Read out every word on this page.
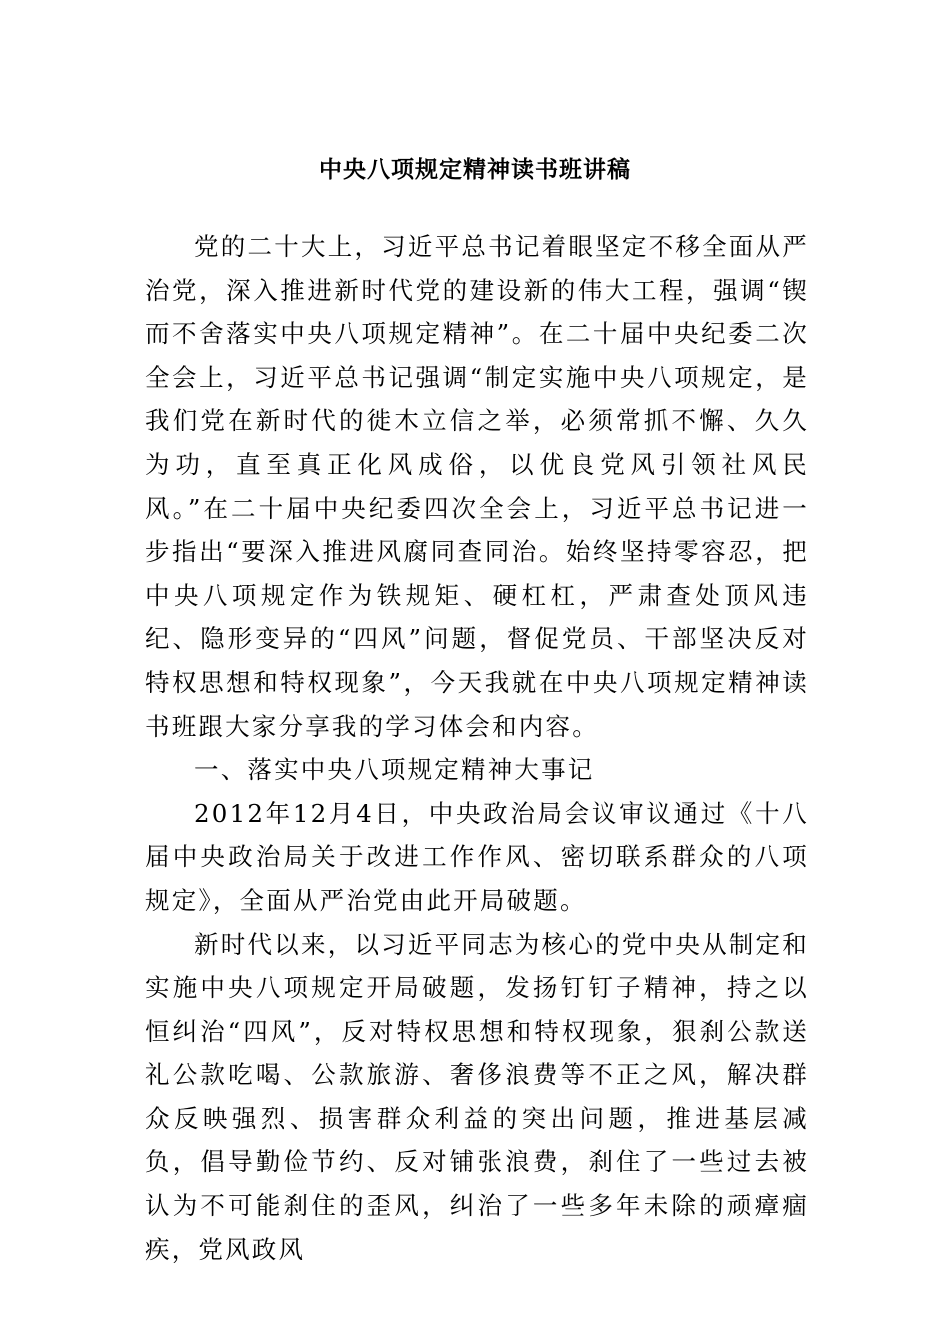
中央八项规定精神读书班讲稿

党的二十大上，习近平总书记着眼坚定不移全面从严治党，深入推进新时代党的建设新的伟大工程，强调“锲而不舍落实中央八项规定精神”。在二十届中央纪委二次全会上，习近平总书记强调“制定实施中央八项规定，是我们党在新时代的徙木立信之举，必须常抓不懈、久久为功，直至真正化风成俗，以优良党风引领社风民风。”在二十届中央纪委四次全会上，习近平总书记进一步指出“要深入推进风腐同查同治。始终坚持零容忍，把中央八项规定作为铁规矩、硬杠杠，严肃查处顶风违纪、隐形变异的“四风”问题，督促党员、干部坚决反对特权思想和特权现象”，今天我就在中央八项规定精神读书班跟大家分享我的学习体会和内容。

一、落实中央八项规定精神大事记

2012年12月4日，中央政治局会议审议通过《十八届中央政治局关于改进工作作风、密切联系群众的八项规定》，全面从严治党由此开局破题。

新时代以来，以习近平同志为核心的党中央从制定和实施中央八项规定开局破题，发扬钉钉子精神，持之以恒纠治“四风”，反对特权思想和特权现象，狠刹公款送礼公款吃喝、公款旅游、奢侈浪费等不正之风，解决群众反映强烈、损害群众利益的突出问题，推进基层减负，倡导勤俭节约、反对铺张浪费，刹住了一些过去被认为不可能刹住的歪风，纠治了一些多年未除的顽瘴痼疾，党风政风
